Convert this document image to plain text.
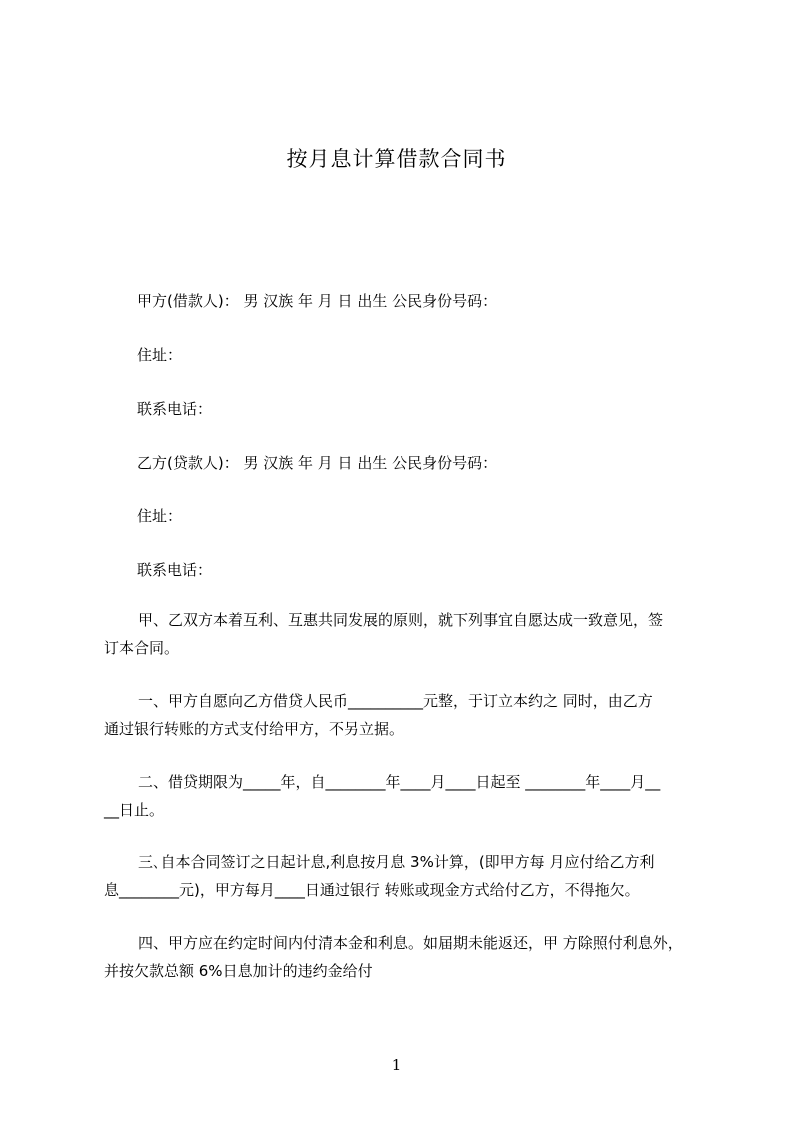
按月息计算借款合同书
甲方(借款人)： 男 汉族 年 月 日 出生 公民身份号码：
住址：
联系电话：
乙方(贷款人)： 男 汉族 年 月 日 出生 公民身份号码：
住址：
联系电话：
甲、乙双方本着互利、互惠共同发展的原则，就下列事宜自愿达成一致意见，签
订本合同。
一、甲方自愿向乙方借贷人民币__________元整，于订立本约之 同时，由乙方
通过银行转账的方式支付给甲方，不另立据。
二、借贷期限为_____年，自________年____月____日起至 ________年____月__
__日止。
三､自本合同签订之日起计息,利息按月息 3%计算，(即甲方每 月应付给乙方利
息________元)，甲方每月____日通过银行 转账或现金方式给付乙方，不得拖欠。
四、甲方应在约定时间内付清本金和利息。如届期未能返还，甲 方除照付利息外，
并按欠款总额 6%日息加计的违约金给付
1
